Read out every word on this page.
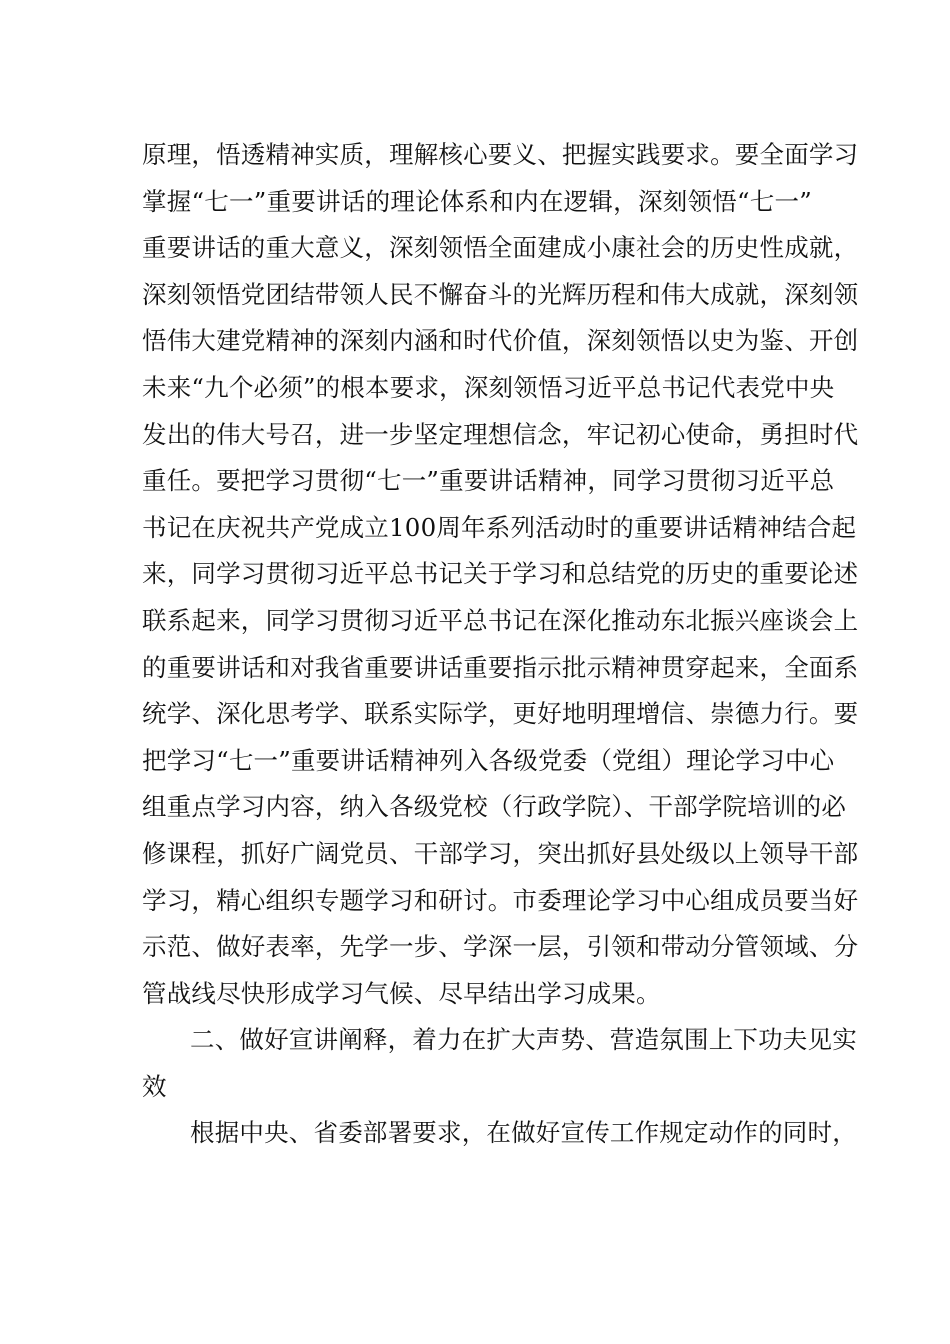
原理，悟透精神实质，理解核心要义、把握实践要求。要全面学习
掌握“七一”重要讲话的理论体系和内在逻辑，深刻领悟“七一”
重要讲话的重大意义，深刻领悟全面建成小康社会的历史性成就，
深刻领悟党团结带领人民不懈奋斗的光辉历程和伟大成就，深刻领
悟伟大建党精神的深刻内涵和时代价值，深刻领悟以史为鉴、开创
未来“九个必须”的根本要求，深刻领悟习近平总书记代表党中央
发出的伟大号召，进一步坚定理想信念，牢记初心使命，勇担时代
重任。要把学习贯彻“七一”重要讲话精神，同学习贯彻习近平总
书记在庆祝共产党成立100周年系列活动时的重要讲话精神结合起
来，同学习贯彻习近平总书记关于学习和总结党的历史的重要论述
联系起来，同学习贯彻习近平总书记在深化推动东北振兴座谈会上
的重要讲话和对我省重要讲话重要指示批示精神贯穿起来，全面系
统学、深化思考学、联系实际学，更好地明理增信、崇德力行。要
把学习“七一”重要讲话精神列入各级党委（党组）理论学习中心
组重点学习内容，纳入各级党校（行政学院）、干部学院培训的必
修课程，抓好广阔党员、干部学习，突出抓好县处级以上领导干部
学习，精心组织专题学习和研讨。市委理论学习中心组成员要当好
示范、做好表率，先学一步、学深一层，引领和带动分管领域、分
管战线尽快形成学习气候、尽早结出学习成果。
二、做好宣讲阐释，着力在扩大声势、营造氛围上下功夫见实
效
根据中央、省委部署要求，在做好宣传工作规定动作的同时，
